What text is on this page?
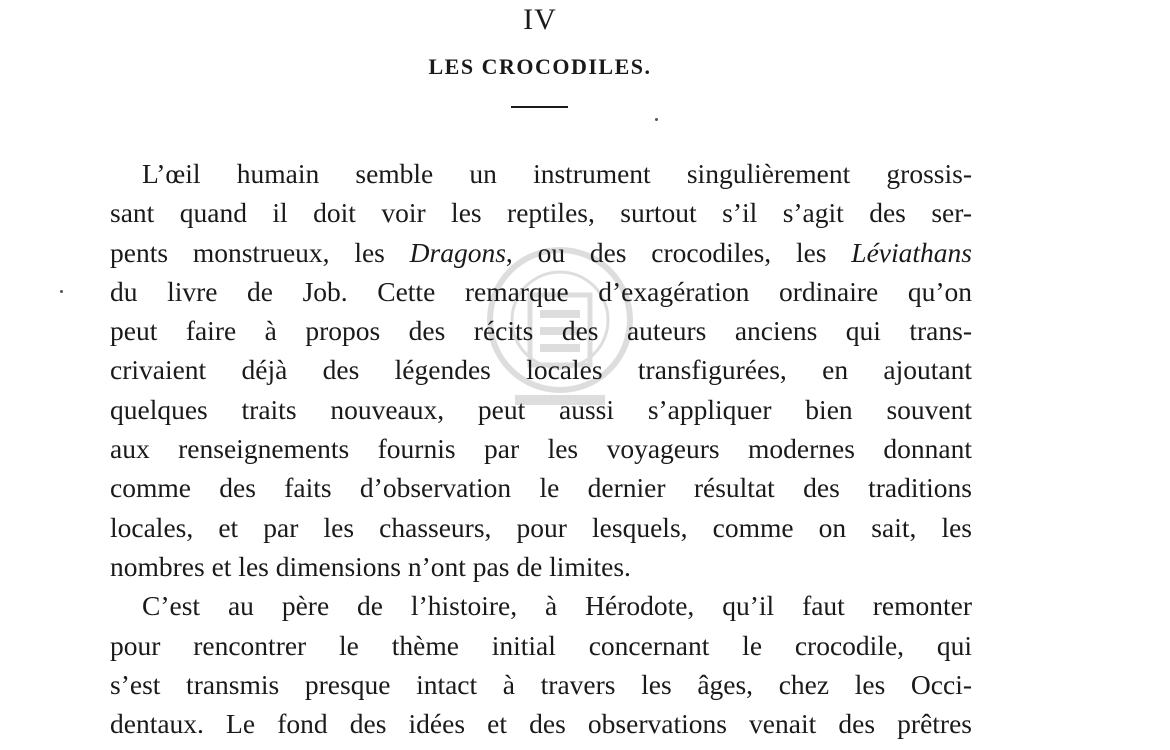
IV
LES CROCODILES.
L’œil humain semble un instrument singulièrement grossis-
sant quand il doit voir les reptiles, surtout s’il s’agit des ser-
pents monstrueux, les Dragons, ou des crocodiles, les Léviathans
du livre de Job. Cette remarque d’exagération ordinaire qu’on
peut faire à propos des récits des auteurs anciens qui trans-
crivaient déjà des légendes locales transfigurées, en ajoutant
quelques traits nouveaux, peut aussi s’appliquer bien souvent
aux renseignements fournis par les voyageurs modernes donnant
comme des faits d’observation le dernier résultat des traditions
locales, et par les chasseurs, pour lesquels, comme on sait, les
nombres et les dimensions n’ont pas de limites.
C’est au père de l’histoire, à Hérodote, qu’il faut remonter
pour rencontrer le thème initial concernant le crocodile, qui
s’est transmis presque intact à travers les âges, chez les Occi-
dentaux. Le fond des idées et des observations venait des prêtres
